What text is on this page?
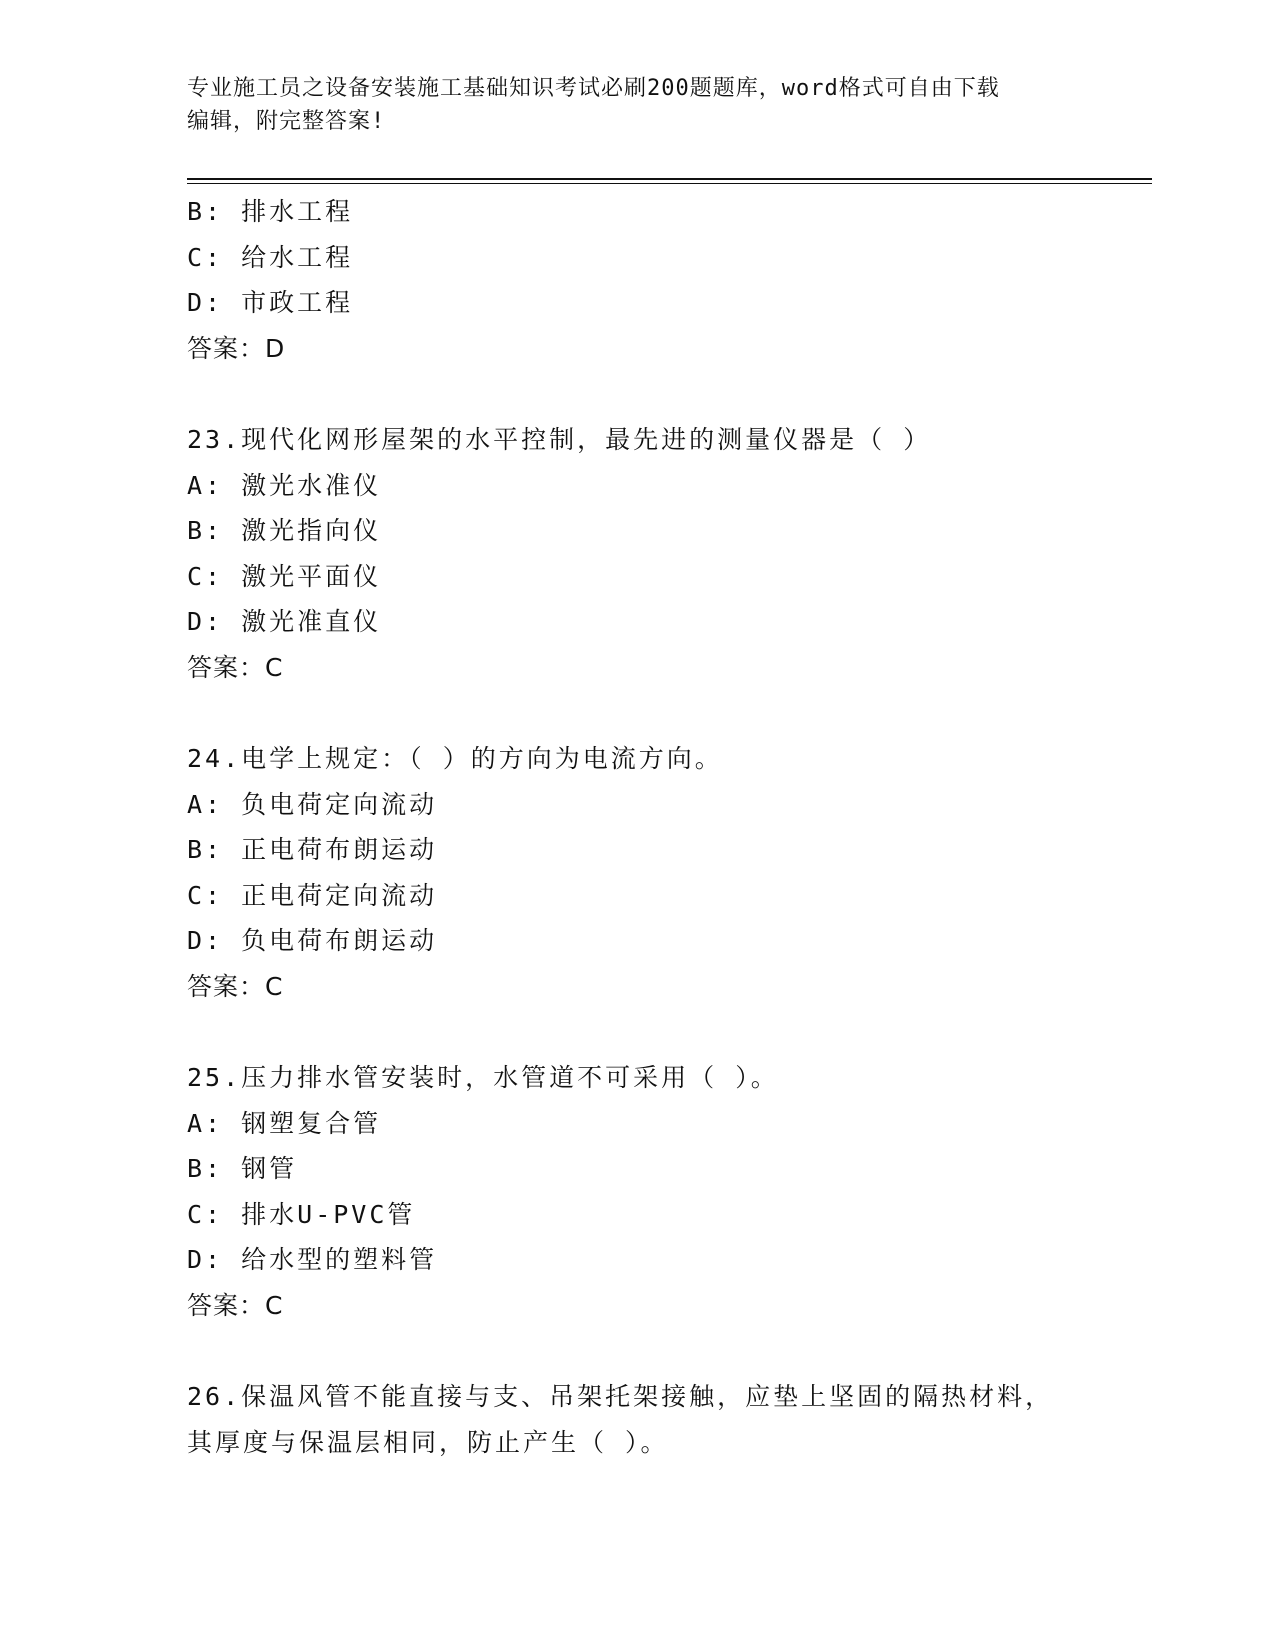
专业施工员之设备安装施工基础知识考试必刷200题题库，word格式可自由下载
编辑，附完整答案!
B: 排水工程
C: 给水工程
D: 市政工程
答案：D
23.现代化网形屋架的水平控制，最先进的测量仪器是（ ）
A: 激光水准仪
B: 激光指向仪
C: 激光平面仪
D: 激光准直仪
答案：C
24.电学上规定：（ ）的方向为电流方向。
A: 负电荷定向流动
B: 正电荷布朗运动
C: 正电荷定向流动
D: 负电荷布朗运动
答案：C
25.压力排水管安装时，水管道不可采用（ ）。
A: 钢塑复合管
B: 钢管
C: 排水U-PVC管
D: 给水型的塑料管
答案：C
26.保温风管不能直接与支、吊架托架接触，应垫上坚固的隔热材料，
其厚度与保温层相同，防止产生（ ）。
